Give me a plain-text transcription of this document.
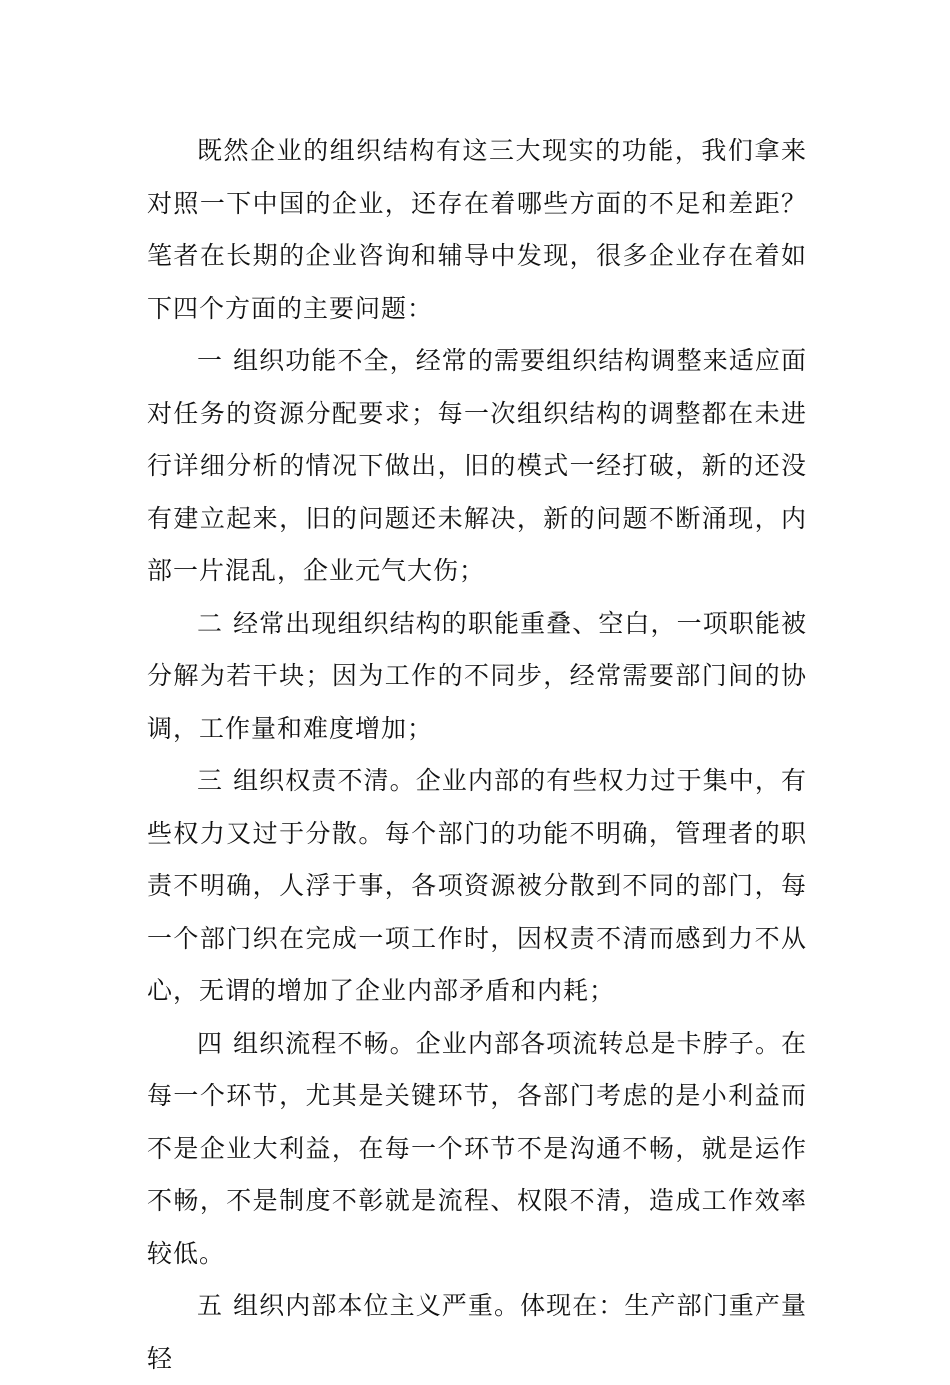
既然企业的组织结构有这三大现实的功能，我们拿来对照一下中国的企业，还存在着哪些方面的不足和差距？笔者在长期的企业咨询和辅导中发现，很多企业存在着如下四个方面的主要问题：

一 组织功能不全，经常的需要组织结构调整来适应面对任务的资源分配要求；每一次组织结构的调整都在未进行详细分析的情况下做出，旧的模式一经打破，新的还没有建立起来，旧的问题还未解决，新的问题不断涌现，内部一片混乱，企业元气大伤；

二 经常出现组织结构的职能重叠、空白，一项职能被分解为若干块；因为工作的不同步，经常需要部门间的协调，工作量和难度增加；

三 组织权责不清。企业内部的有些权力过于集中，有些权力又过于分散。每个部门的功能不明确，管理者的职责不明确，人浮于事，各项资源被分散到不同的部门，每一个部门织在完成一项工作时，因权责不清而感到力不从心，无谓的增加了企业内部矛盾和内耗；

四 组织流程不畅。企业内部各项流转总是卡脖子。在每一个环节，尤其是关键环节，各部门考虑的是小利益而不是企业大利益，在每一个环节不是沟通不畅，就是运作不畅，不是制度不彰就是流程、权限不清，造成工作效率较低。

五 组织内部本位主义严重。体现在：生产部门重产量轻
